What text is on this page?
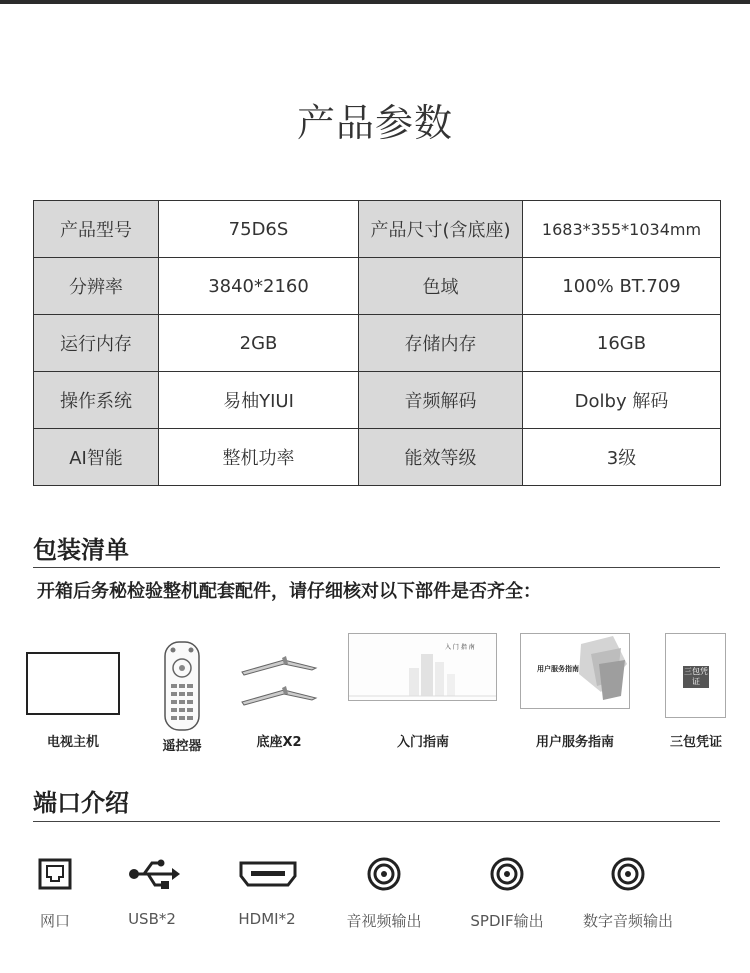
产品参数
产品型号	75D6S	产品尺寸(含底座)	1683*355*1034mm
分辨率	3840*2160	色域	100% BT.709
运行内存	2GB	存储内存	16GB
操作系统	易柚YIUI	音频解码	Dolby 解码
AI智能	整机功率	能效等级	3级
包装清单
开箱后务秘检验整机配套配件，请仔细核对以下部件是否齐全：
电视主机	遥控器	底座X2
入 门 指 南
入门指南
用户服务指南
用户服务指南
三包凭证
三包凭证
端口介绍
网口	USB*2	HDMI*2	音视频输出	SPDIF输出	数字音频输出
